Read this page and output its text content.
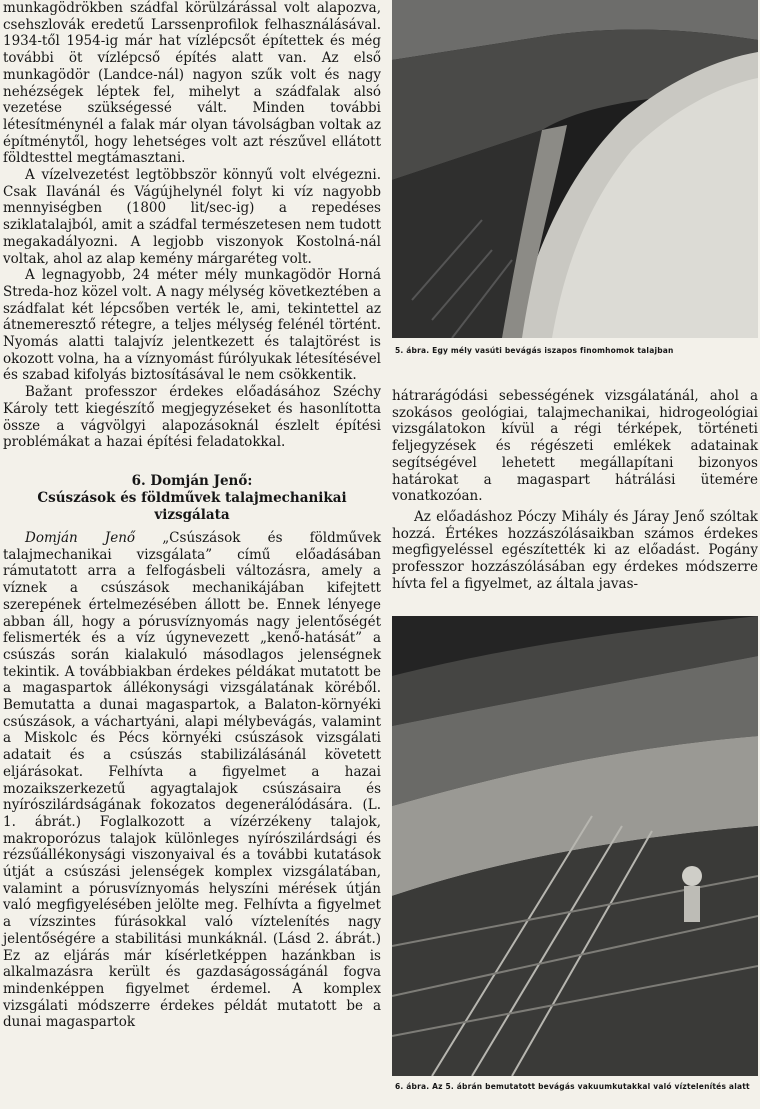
munkagödrökben szádfal körülzárással volt alapozva, csehszlovák eredetű Larssenprofilok felhasználásával. 1934-től 1954-ig már hat vízlépcsőt építettek és még további öt vízlépcső építés alatt van. Az első munkagödör (Landce-nál) nagyon szűk volt és nagy nehézségek léptek fel, mihelyt a szádfalak alsó vezetése szükségessé vált. Minden további létesítménynél a falak már olyan távolságban voltak az építménytől, hogy lehetséges volt azt részűvel ellátott földtesttel megtámasztani.

A vízelvezetést legtöbbször könnyű volt elvégezni. Csak Ilavánál és Vágújhelynél folyt ki víz nagyobb mennyiségben (1800 lit/sec-ig) a repedéses sziklatalajból, amit a szádfal természetesen nem tudott megakadályozni. A legjobb viszonyok Kostolná-nál voltak, ahol az alap kemény márgaréteg volt.

A legnagyobb, 24 méter mély munkagödör Horná Streda-hoz közel volt. A nagy mélység következtében a szádfalat két lépcsőben verték le, ami, tekintettel az átnemeresztő rétegre, a teljes mélység felénél történt. Nyomás alatti talajvíz jelentkezett és talajtörést is okozott volna, ha a víznyomást fúrólyukak létesítésével és szabad kifolyás biztosításával le nem csökkentik.

Bažant professzor érdekes előadásához Széchy Károly tett kiegészítő megjegyzéseket és hasonlította össze a vágvölgyi alapozásoknál észlelt építési problémákat a hazai építési feladatokkal.

6. Domján Jenő:
Csúszások és földművek talajmechanikai vizsgálata

Domján Jenő „Csúszások és földművek talajmechanikai vizsgálata” című előadásában rámutatott arra a felfogásbeli változásra, amely a víznek a csúszások mechanikájában kifejtett szerepének értelmezésében állott be. Ennek lényege abban áll, hogy a pórusvíznyomás nagy jelentőségét felismerték és a víz úgynevezett „kenő-hatását” a csúszás során kialakuló másodlagos jelenségnek tekintik. A továbbiakban érdekes példákat mutatott be a magaspartok állékonysági vizsgálatának köréből. Bemutatta a dunai magaspartok, a Balaton-környéki csúszások, a váchartyáni, alapi mélybevágás, valamint a Miskolc és Pécs környéki csúszások vizsgálati adatait és a csúszás stabilizálásánál követett eljárásokat. Felhívta a figyelmet a hazai mozaikszerkezetű agyagtalajok csúszásaira és nyírószilárdságának fokozatos degenerálódására. (L. 1. ábrát.) Foglalkozott a vízérzékeny talajok, makroporózus talajok különleges nyírószilárdsági és rézsűállékonysági viszonyaival és a további kutatások útját a csúszási jelenségek komplex vizsgálatában, valamint a pórusvíznyomás helyszíni mérések útján való megfigyelésében jelölte meg. Felhívta a figyelmet a vízszintes fúrásokkal való víztelenítés nagy jelentőségére a stabilitási munkáknál. (Lásd 2. ábrát.) Ez az eljárás már kísérletképpen hazánkban is alkalmazásra került és gazdaságosságánál fogva mindenképpen figyelmet érdemel. A komplex vizsgálati módszerre érdekes példát mutatott be a dunai magaspartok

5. ábra. Egy mély vasúti bevágás iszapos finomhomok talajban

hátrarágódási sebességének vizsgálatánál, ahol a szokásos geológiai, talajmechanikai, hidrogeológiai vizsgálatokon kívül a régi térképek, történeti feljegyzések és régészeti emlékek adatainak segítségével lehetett megállapítani bizonyos határokat a magaspart hátrálási ütemére vonatkozóan.

Az előadáshoz Póczy Mihály és Járay Jenő szóltak hozzá. Értékes hozzászólásaikban számos érdekes megfigyeléssel egészítették ki az előadást. Pogány professzor hozzászólásában egy érdekes módszerre hívta fel a figyelmet, az általa javas-

6. ábra. Az 5. ábrán bemutatott bevágás vakuumkutakkal való víztelenítés alatt
